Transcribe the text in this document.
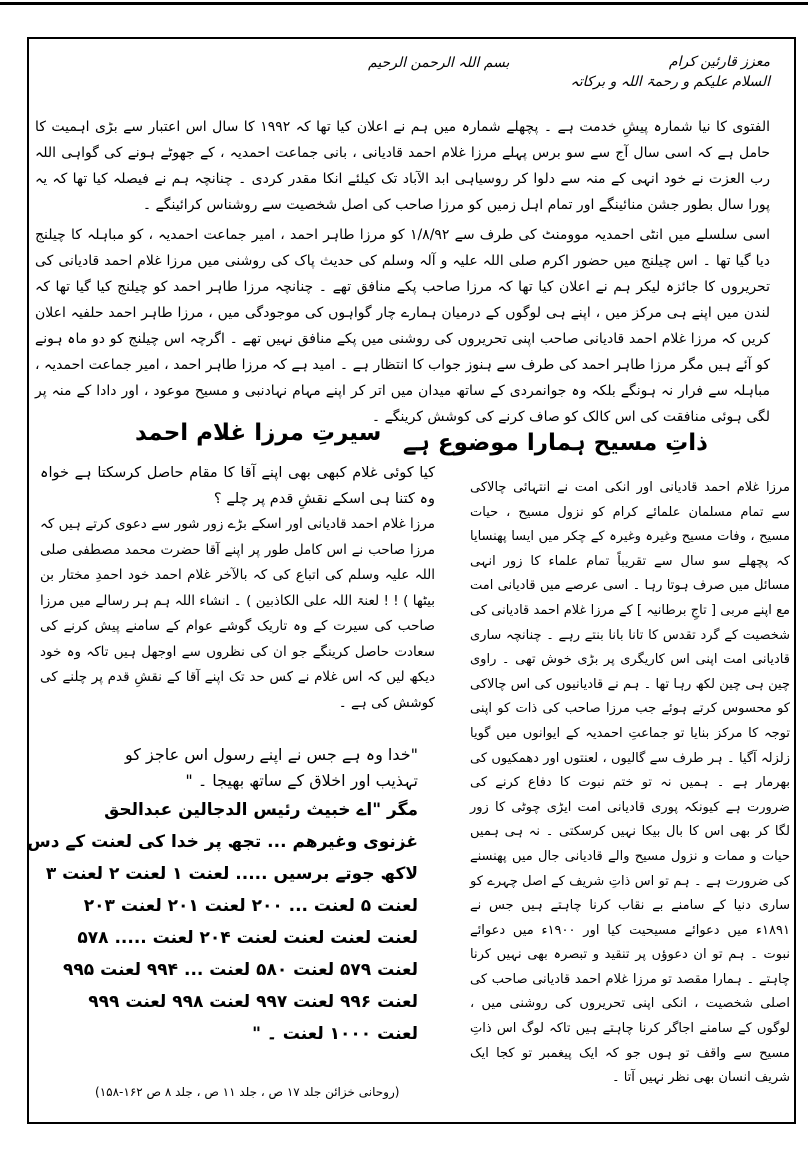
معزز قارئین کرام
السلام علیکم و رحمۃ اللہ و برکاتہ
بسم اللہ الرحمن الرحیم

الفتوی کا نیا شمارہ پیشِ خدمت ہے ۔ پچھلے شمارہ میں ہم نے اعلان کیا تھا کہ ۱۹۹۲ کا سال اس اعتبار سے بڑی اہمیت کا حامل ہے کہ اسی سال آج سے سو برس پہلے مرزا غلام احمد قادیانی ، بانی جماعت احمدیہ ، کے جھوٹے ہونے کی گواہی اللہ رب العزت نے خود انہی کے منہ سے دلوا کر روسیاہی ابد الآباد تک کیلئے انکا مقدر کردی ۔ چنانچہ ہم نے فیصلہ کیا تھا کہ یہ پورا سال بطور جشن منائینگے اور تمام اہل زمیں کو مرزا صاحب کی اصل شخصیت سے روشناس کرائینگے ۔

اسی سلسلے میں انٹی احمدیہ موومنٹ کی طرف سے ۱/۸/۹۲ کو مرزا طاہر احمد ، امیر جماعت احمدیہ ، کو مباہلہ کا چیلنج دیا گیا تھا ۔ اس چیلنج میں حضور اکرم صلی اللہ علیہ و آلہ وسلم کی حدیث پاک کی روشنی میں مرزا غلام احمد قادیانی کی تحریروں کا جائزہ لیکر ہم نے اعلان کیا تھا کہ مرزا صاحب پکے منافق تھے ۔ چنانچہ مرزا طاہر احمد کو چیلنج کیا گیا تھا کہ لندن میں اپنے ہی مرکز میں ، اپنے ہی لوگوں کے درمیان ہمارے چار گواہوں کی موجودگی میں ، مرزا طاہر احمد حلفیہ اعلان کریں کہ مرزا غلام احمد قادیانی صاحب اپنی تحریروں کی روشنی میں پکے منافق نہیں تھے ۔ اگرچہ اس چیلنج کو دو ماہ ہونے کو آئے ہیں مگر مرزا طاہر احمد کی طرف سے ہنوز جواب کا انتظار ہے ۔ امید ہے کہ مرزا طاہر احمد ، امیر جماعت احمدیہ ، مباہلہ سے فرار نہ ہونگے بلکہ وہ جوانمردی کے ساتھ میدان میں اتر کر اپنے مہام نہادنبی و مسیح موعود ، اور دادا کے منہ پر لگی ہوئی منافقت کی اس کالک کو صاف کرنے کی کوشش کرینگے ۔

سیرتِ مرزا غلام احمد ذاتِ مسیح ہمارا موضوع ہے

کیا کوئی غلام کبھی بھی اپنے آقا کا مقام حاصل کرسکتا ہے خواہ وہ کتنا ہی اسکے نقشِ قدم پر چلے ؟

مرزا غلام احمد قادیانی اور اسکے بڑے زور شور سے دعوی کرتے ہیں کہ مرزا صاحب نے اس کامل طور پر اپنے آقا حضرت محمد مصطفی صلی اللہ علیہ وسلم کی اتباع کی کہ بالآخر غلام احمد خود احمدِ مختار بن بیٹھا ) ! ! لعنۃ اللہ علی الکاذبین ) ۔ انشاء اللہ ہم ہر رسالے میں مرزا صاحب کی سیرت کے وہ تاریک گوشے عوام کے سامنے پیش کرنے کی سعادت حاصل کرینگے جو ان کی نظروں سے اوجھل ہیں تاکہ وہ خود دیکھ لیں کہ اس غلام نے کس حد تک اپنے آقا کے نقشِ قدم پر چلنے کی کوشش کی ہے ۔

"خدا وہ ہے جس نے اپنے رسول اس عاجز کو
تہذیب اور اخلاق کے ساتھ بھیجا ۔ "
مگر "اے خبیث رئیس الدجالین عبدالحق
غزنوی وغیرھم ... تجھ پر خدا کی لعنت کے دس
لاکھ جوتے برسیں ..... لعنت ۱ لعنت ۲ لعنت ۳
لعنت ۵ لعنت ... ۲۰۰ لعنت ۲۰۱ لعنت ۲۰۳
لعنت لعنت لعنت لعنت ۲۰۴ لعنت ..... ۵۷۸
لعنت ۵۷۹ لعنت ۵۸۰ لعنت ... ۹۹۴ لعنت ۹۹۵
لعنت ۹۹۶ لعنت ۹۹۷ لعنت ۹۹۸ لعنت ۹۹۹
لعنت ۱۰۰۰ لعنت ۔ "
(روحانی خزائن جلد ۱۷ ص ، جلد ۱۱ ص ، جلد ۸ ص ۱۶۲-۱۵۸)

مرزا غلام احمد قادیانی اور انکی امت نے انتہائی چالاکی سے تمام مسلمان علمائے کرام کو نزول مسیح ، حیات مسیح ، وفات مسیح وغیرہ وغیرہ کے چکر میں ایسا پھنسایا کہ پچھلے سو سال سے تقریباً تمام علماء کا زور انہی مسائل میں صرف ہوتا رہا ۔ اسی عرصے میں قادیانی امت مع اپنے مربی [ تاجِ برطانیہ ] کے مرزا غلام احمد قادیانی کی شخصیت کے گرد تقدس کا تانا بانا بنتے رہے ۔ چنانچہ ساری قادیانی امت اپنی اس کاریگری پر بڑی خوش تھی ۔ راوی چین ہی چین لکھ رہا تھا ۔ ہم نے قادیانیوں کی اس چالاکی کو محسوس کرتے ہوئے جب مرزا صاحب کی ذات کو اپنی توجہ کا مرکز بنایا تو جماعتِ احمدیہ کے ایوانوں میں گویا زلزلہ آگیا ۔ ہر طرف سے گالیوں ، لعنتوں اور دھمکیوں کی بھرمار ہے ۔ ہمیں نہ تو ختم نبوت کا دفاع کرنے کی ضرورت ہے کیونکہ پوری قادیانی امت ایڑی چوٹی کا زور لگا کر بھی اس کا بال بیکا نہیں کرسکتی ۔ نہ ہی ہمیں حیات و ممات و نزول مسیح والے قادیانی جال میں پھنسنے کی ضرورت ہے ۔ ہم تو اس ذاتِ شریف کے اصل چہرے کو ساری دنیا کے سامنے بے نقاب کرنا چاہتے ہیں جس نے ۱۸۹۱ء میں دعوائے مسیحیت کیا اور ۱۹۰۰ء میں دعوائے نبوت ۔ ہم تو ان دعوؤں پر تنقید و تبصرہ بھی نہیں کرنا چاہتے ۔ ہمارا مقصد تو مرزا غلام احمد قادیانی صاحب کی اصلی شخصیت ، انکی اپنی تحریروں کی روشنی میں ، لوگوں کے سامنے اجاگر کرنا چاہتے ہیں تاکہ لوگ اس ذاتِ مسیح سے واقف تو ہوں جو کہ ایک پیغمبر تو کجا ایک شریف انسان بھی نظر نہیں آتا ۔
